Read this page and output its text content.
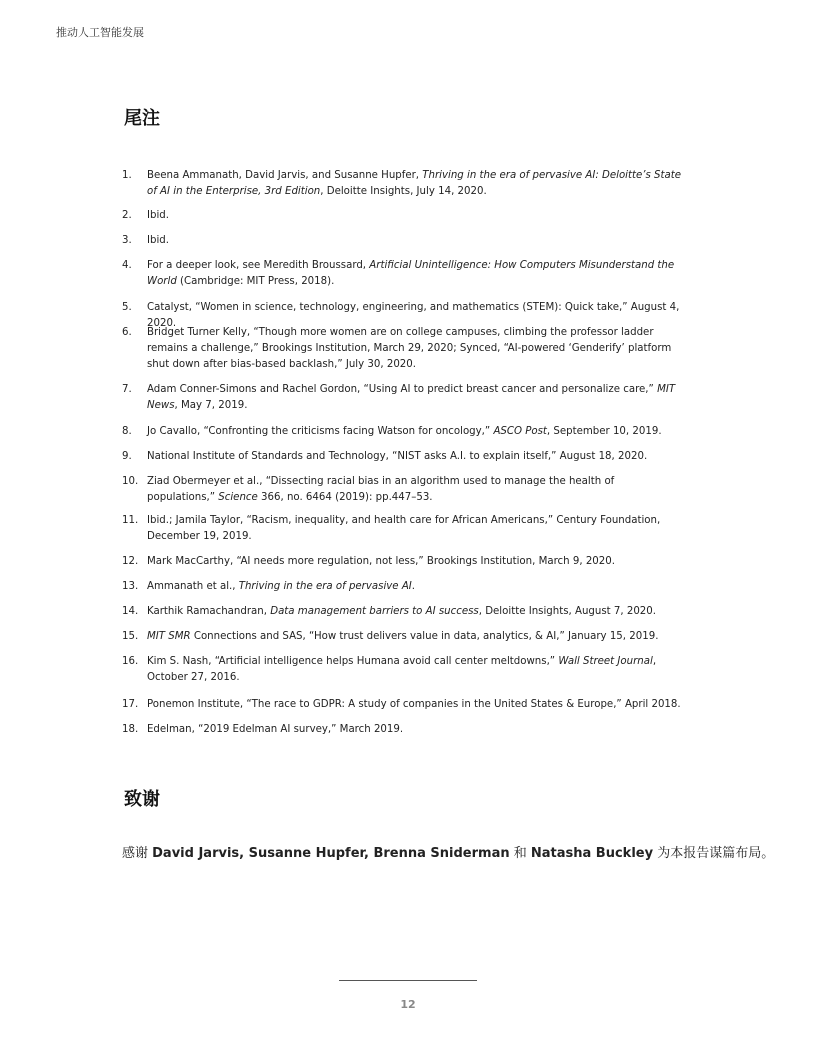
推动人工智能发展
尾注
1.	Beena Ammanath, David Jarvis, and Susanne Hupfer, Thriving in the era of pervasive AI: Deloitte’s State of AI in the Enterprise, 3rd Edition, Deloitte Insights, July 14, 2020.
2.	Ibid.
3.	Ibid.
4.	For a deeper look, see Meredith Broussard, Artificial Unintelligence: How Computers Misunderstand the World (Cambridge: MIT Press, 2018).
5.	Catalyst, “Women in science, technology, engineering, and mathematics (STEM): Quick take,” August 4, 2020.
6.	Bridget Turner Kelly, “Though more women are on college campuses, climbing the professor ladder remains a challenge,” Brookings Institution, March 29, 2020; Synced, “AI-powered ‘Genderify’ platform shut down after bias-based backlash,” July 30, 2020.
7.	Adam Conner-Simons and Rachel Gordon, “Using AI to predict breast cancer and personalize care,” MIT News, May 7, 2019.
8.	Jo Cavallo, “Confronting the criticisms facing Watson for oncology,” ASCO Post, September 10, 2019.
9.	National Institute of Standards and Technology, “NIST asks A.I. to explain itself,” August 18, 2020.
10. Ziad Obermeyer et al., “Dissecting racial bias in an algorithm used to manage the health of populations,” Science 366, no. 6464 (2019): pp.447–53.
11. Ibid.; Jamila Taylor, “Racism, inequality, and health care for African Americans,” Century Foundation, December 19, 2019.
12. Mark MacCarthy, “AI needs more regulation, not less,” Brookings Institution, March 9, 2020.
13. Ammanath et al., Thriving in the era of pervasive AI.
14. Karthik Ramachandran, Data management barriers to AI success, Deloitte Insights, August 7, 2020.
15. MIT SMR Connections and SAS, “How trust delivers value in data, analytics, & AI,” January 15, 2019.
16. Kim S. Nash, “Artificial intelligence helps Humana avoid call center meltdowns,” Wall Street Journal, October 27, 2016.
17. Ponemon Institute, “The race to GDPR: A study of companies in the United States & Europe,” April 2018.
18. Edelman, “2019 Edelman AI survey,” March 2019.
致谢

感谢 David Jarvis, Susanne Hupfer, Brenna Sniderman 和 Natasha Buckley 为本报告谋篇布局。

12
